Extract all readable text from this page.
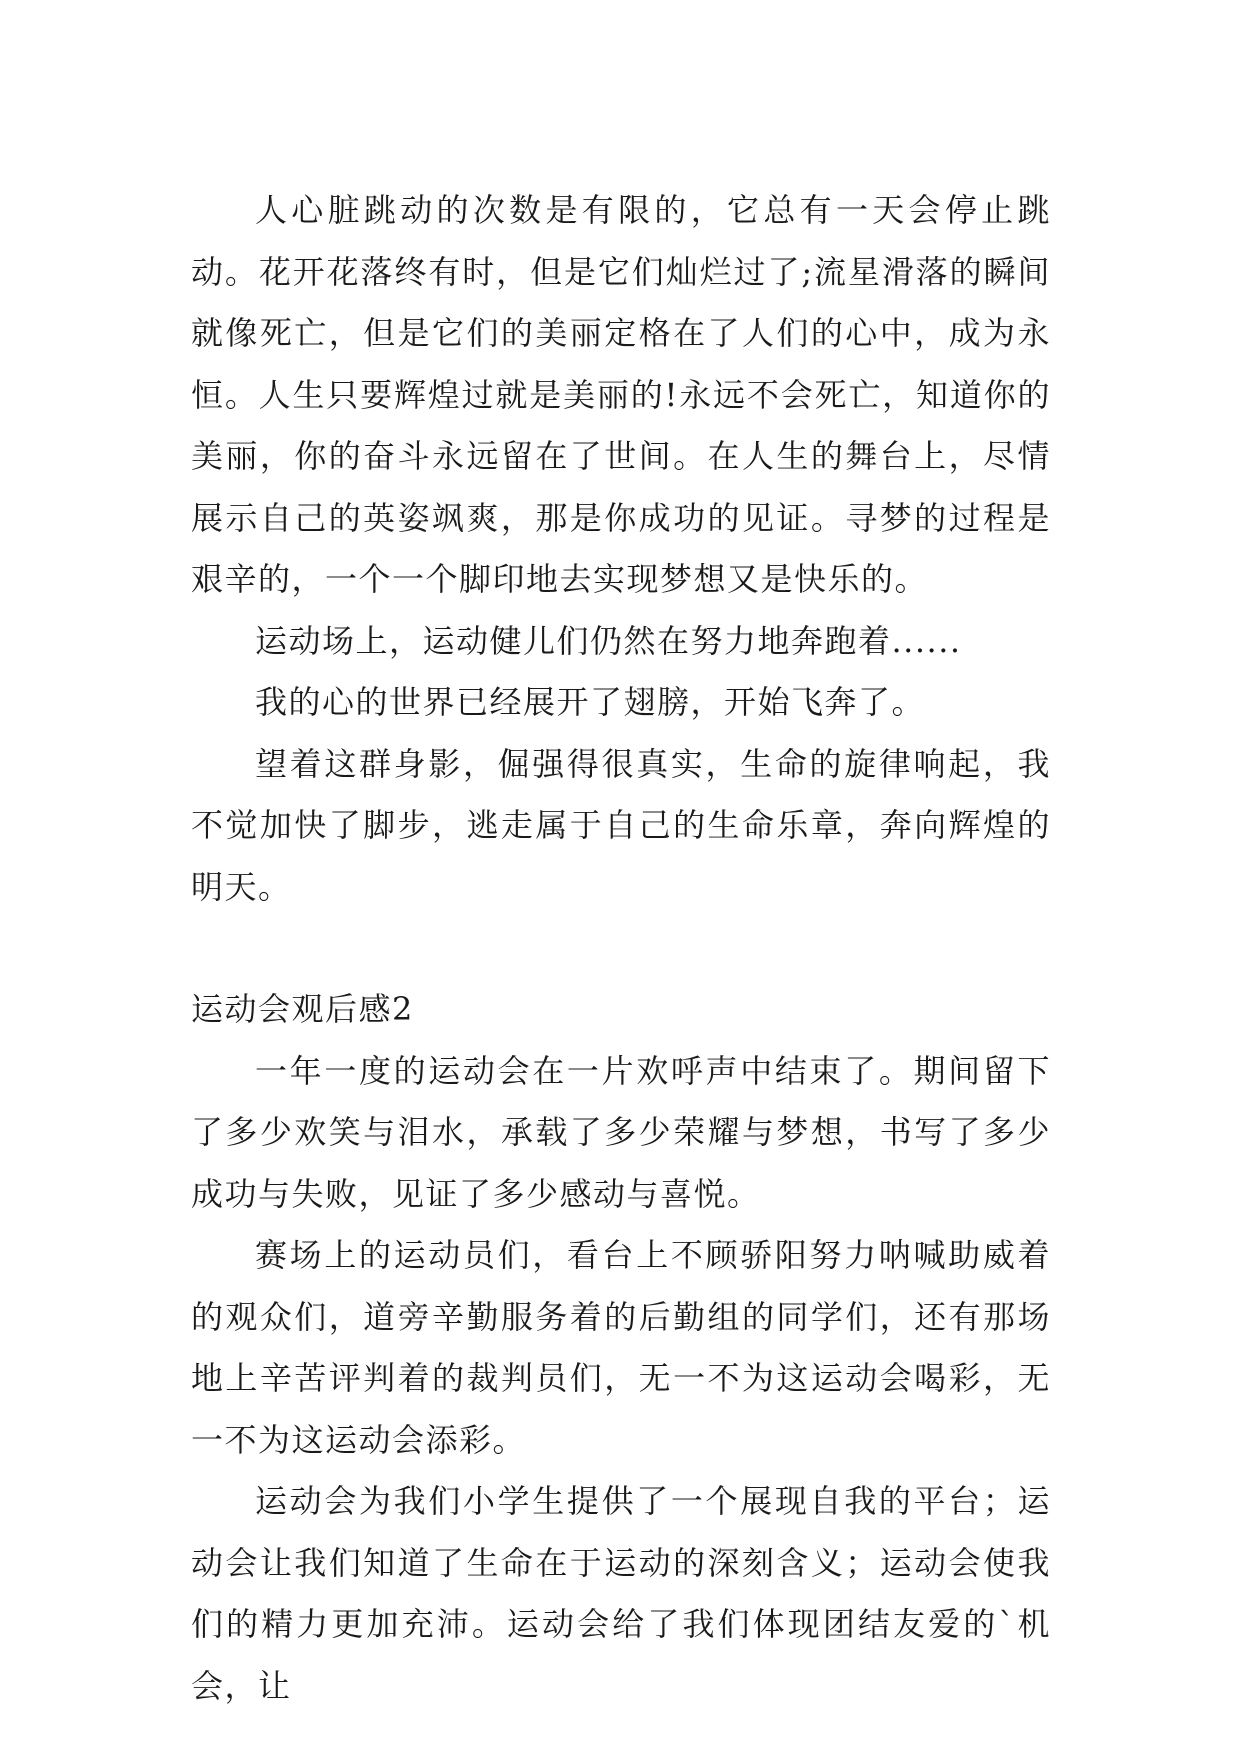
人心脏跳动的次数是有限的，它总有一天会停止跳动。花开花落终有时，但是它们灿烂过了;流星滑落的瞬间就像死亡，但是它们的美丽定格在了人们的心中，成为永恒。人生只要辉煌过就是美丽的!永远不会死亡，知道你的美丽，你的奋斗永远留在了世间。在人生的舞台上，尽情展示自己的英姿飒爽，那是你成功的见证。寻梦的过程是艰辛的，一个一个脚印地去实现梦想又是快乐的。

运动场上，运动健儿们仍然在努力地奔跑着......

我的心的世界已经展开了翅膀，开始飞奔了。

望着这群身影，倔强得很真实，生命的旋律响起，我不觉加快了脚步，逃走属于自己的生命乐章，奔向辉煌的明天。

运动会观后感2

一年一度的运动会在一片欢呼声中结束了。期间留下了多少欢笑与泪水，承载了多少荣耀与梦想，书写了多少成功与失败，见证了多少感动与喜悦。

赛场上的运动员们，看台上不顾骄阳努力呐喊助威着的观众们，道旁辛勤服务着的后勤组的同学们，还有那场地上辛苦评判着的裁判员们，无一不为这运动会喝彩，无一不为这运动会添彩。

运动会为我们小学生提供了一个展现自我的平台；运动会让我们知道了生命在于运动的深刻含义；运动会使我们的精力更加充沛。运动会给了我们体现团结友爱的`机会，让
